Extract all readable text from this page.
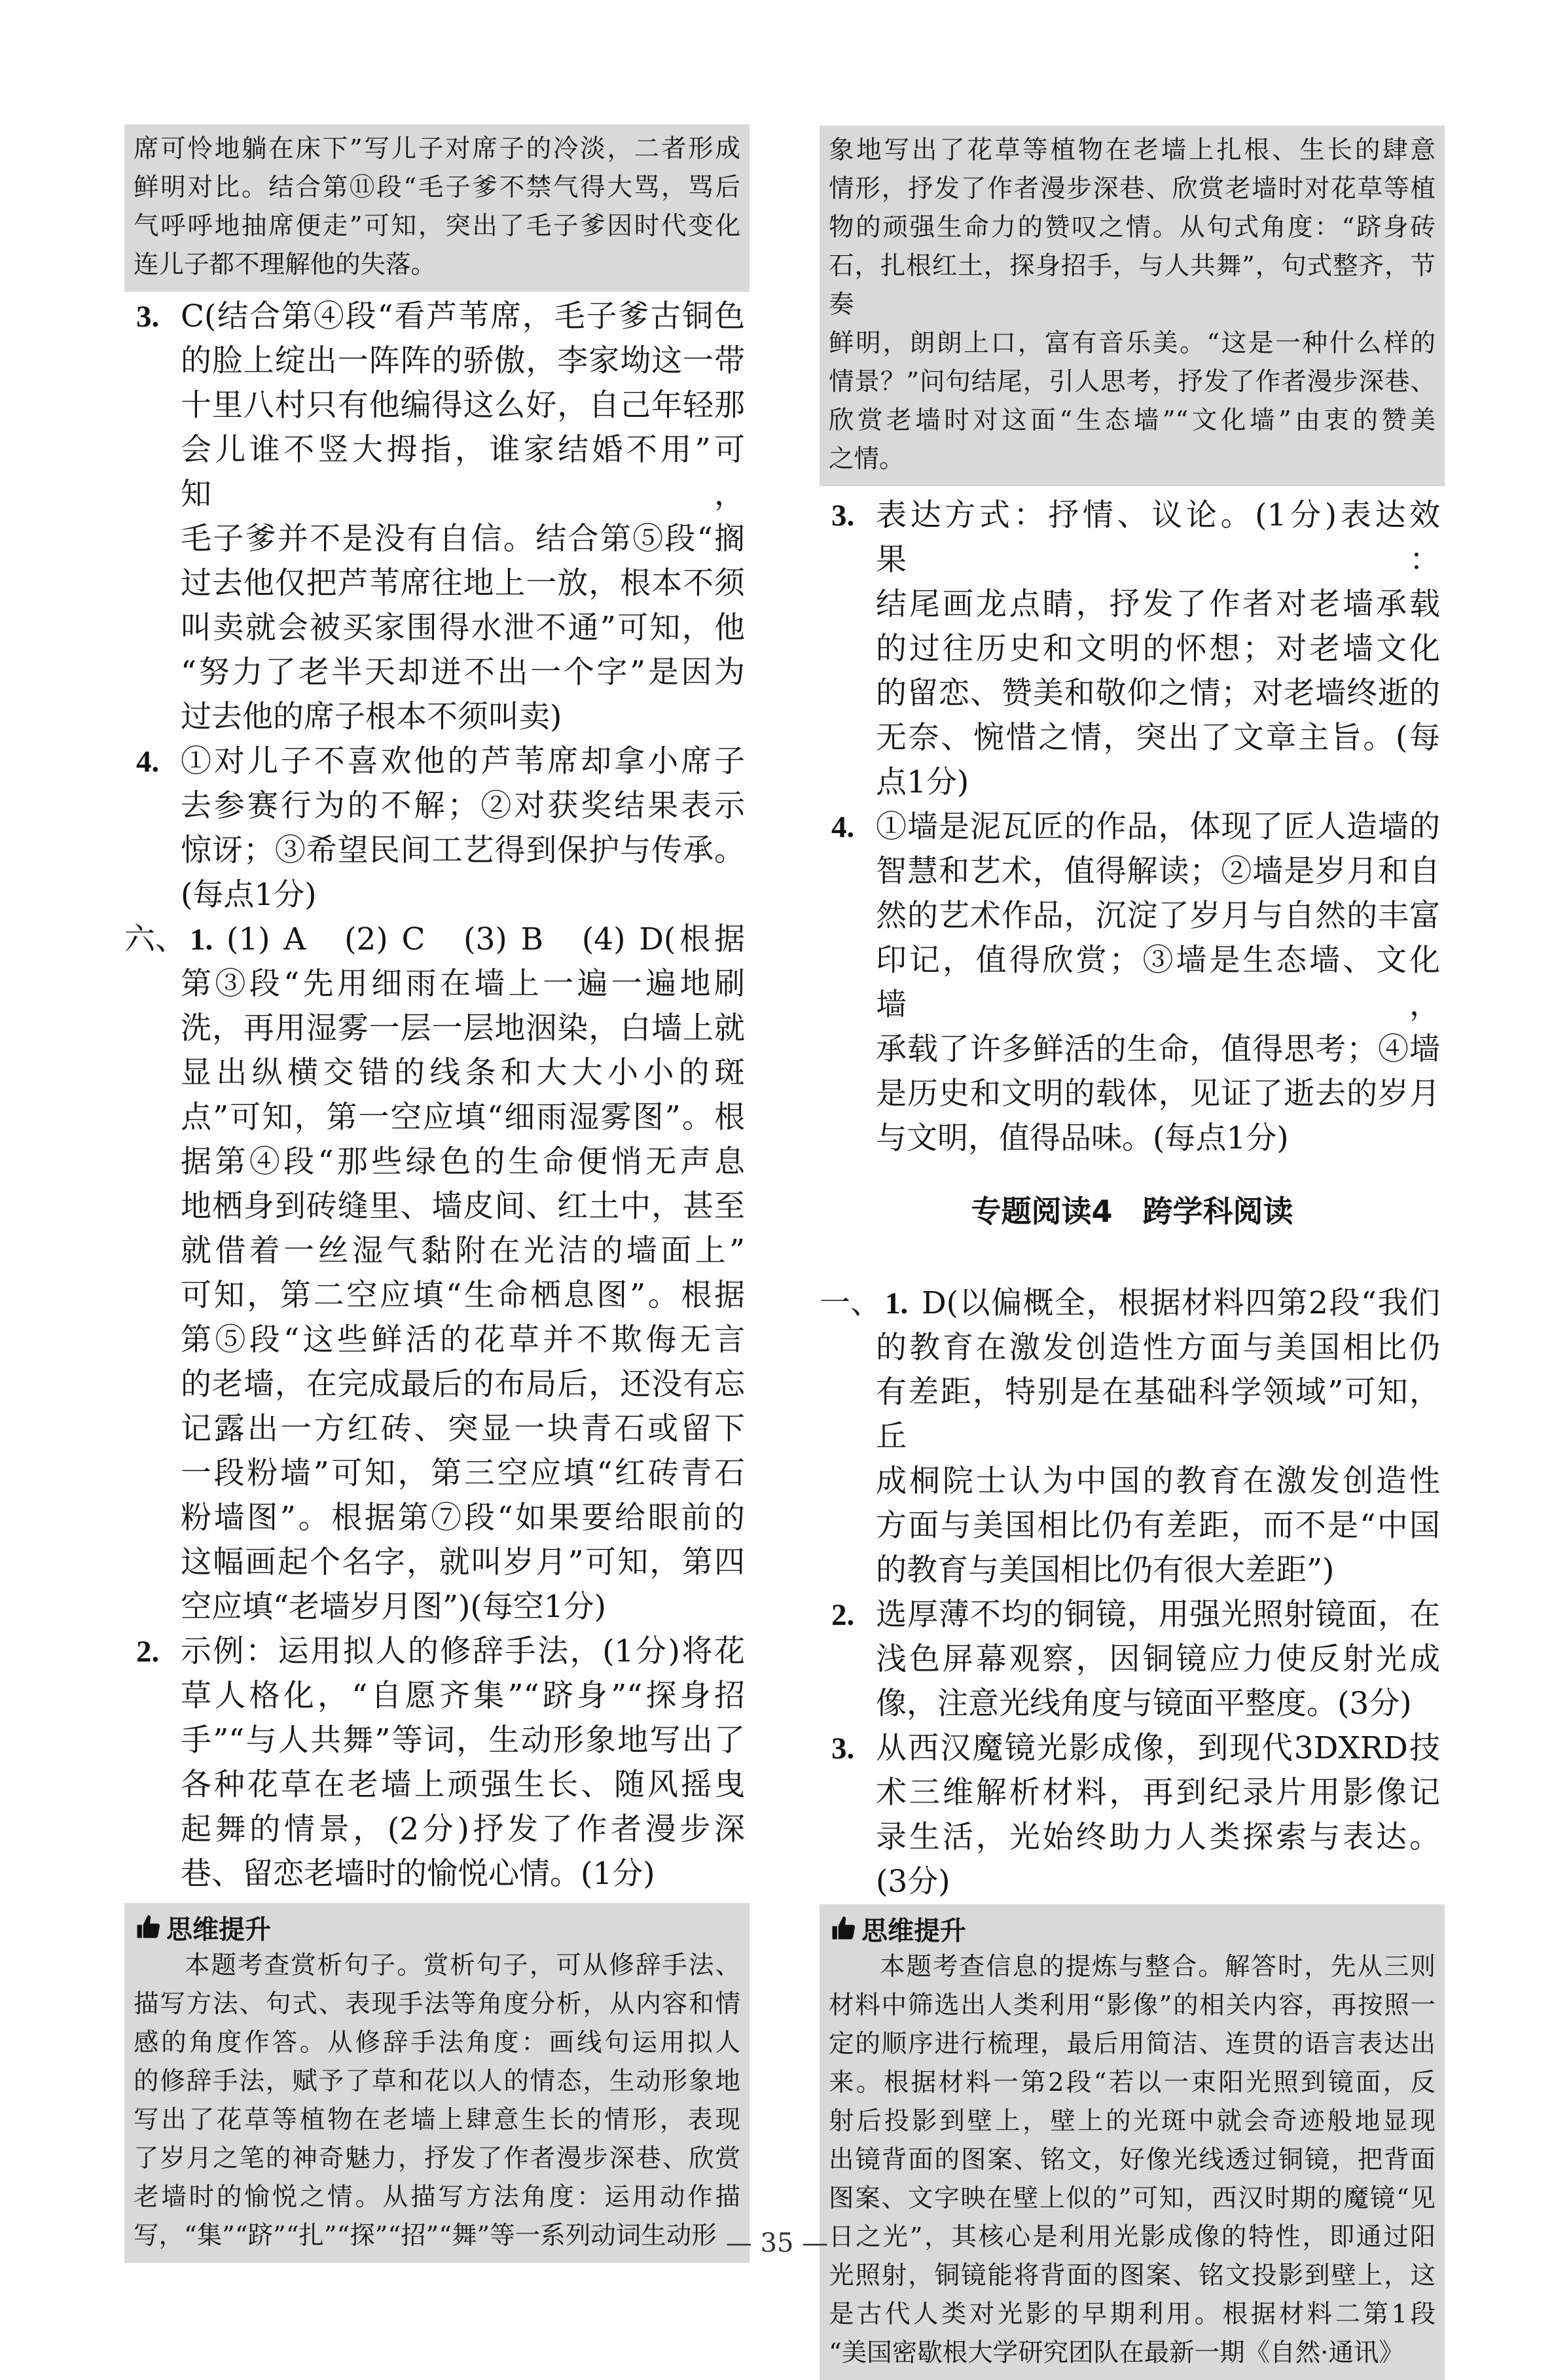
席可怜地躺在床下”写儿子对席子的冷淡，二者形成
鲜明对比。结合第⑪段“毛子爹不禁气得大骂，骂后
气呼呼地抽席便走”可知，突出了毛子爹因时代变化
连儿子都不理解他的失落。
3. C(结合第④段“看芦苇席，毛子爹古铜色
的脸上绽出一阵阵的骄傲，李家坳这一带
十里八村只有他编得这么好，自己年轻那
会儿谁不竖大拇指，谁家结婚不用”可知，
毛子爹并不是没有自信。结合第⑤段“搁
过去他仅把芦苇席往地上一放，根本不须
叫卖就会被买家围得水泄不通”可知，他
“努力了老半天却迸不出一个字”是因为
过去他的席子根本不须叫卖)
4. ①对儿子不喜欢他的芦苇席却拿小席子
去参赛行为的不解；②对获奖结果表示
惊讶；③希望民间工艺得到保护与传承。
(每点1分)
六、 1. (1) A　(2) C　(3) B　(4) D(根据
第③段“先用细雨在墙上一遍一遍地刷
洗，再用湿雾一层一层地洇染，白墙上就
显出纵横交错的线条和大大小小的斑
点”可知，第一空应填“细雨湿雾图”。根
据第④段“那些绿色的生命便悄无声息
地栖身到砖缝里、墙皮间、红土中，甚至
就借着一丝湿气黏附在光洁的墙面上”
可知，第二空应填“生命栖息图”。根据
第⑤段“这些鲜活的花草并不欺侮无言
的老墙，在完成最后的布局后，还没有忘
记露出一方红砖、突显一块青石或留下
一段粉墙”可知，第三空应填“红砖青石
粉墙图”。根据第⑦段“如果要给眼前的
这幅画起个名字，就叫岁月”可知，第四
空应填“老墙岁月图”)(每空1分)
2. 示例：运用拟人的修辞手法，(1分)将花
草人格化，“自愿齐集”“跻身”“探身招
手”“与人共舞”等词，生动形象地写出了
各种花草在老墙上顽强生长、随风摇曳
起舞的情景，(2分)抒发了作者漫步深
巷、留恋老墙时的愉悦心情。(1分)
思维提升
本题考查赏析句子。赏析句子，可从修辞手法、
描写方法、句式、表现手法等角度分析，从内容和情
感的角度作答。从修辞手法角度：画线句运用拟人
的修辞手法，赋予了草和花以人的情态，生动形象地
写出了花草等植物在老墙上肆意生长的情形，表现
了岁月之笔的神奇魅力，抒发了作者漫步深巷、欣赏
老墙时的愉悦之情。从描写方法角度：运用动作描
写，“集”“跻”“扎”“探”“招”“舞”等一系列动词生动形
象地写出了花草等植物在老墙上扎根、生长的肆意
情形，抒发了作者漫步深巷、欣赏老墙时对花草等植
物的顽强生命力的赞叹之情。从句式角度：“跻身砖
石，扎根红土，探身招手，与人共舞”，句式整齐，节奏
鲜明，朗朗上口，富有音乐美。“这是一种什么样的
情景？”问句结尾，引人思考，抒发了作者漫步深巷、
欣赏老墙时对这面“生态墙”“文化墙”由衷的赞美
之情。
3. 表达方式：抒情、议论。(1分)表达效果：
结尾画龙点睛，抒发了作者对老墙承载
的过往历史和文明的怀想；对老墙文化
的留恋、赞美和敬仰之情；对老墙终逝的
无奈、惋惜之情，突出了文章主旨。(每
点1分)
4. ①墙是泥瓦匠的作品，体现了匠人造墙的
智慧和艺术，值得解读；②墙是岁月和自
然的艺术作品，沉淀了岁月与自然的丰富
印记，值得欣赏；③墙是生态墙、文化墙，
承载了许多鲜活的生命，值得思考；④墙
是历史和文明的载体，见证了逝去的岁月
与文明，值得品味。(每点1分)
专题阅读4　跨学科阅读
一、 1. D(以偏概全，根据材料四第2段“我们
的教育在激发创造性方面与美国相比仍
有差距，特别是在基础科学领域”可知，丘
成桐院士认为中国的教育在激发创造性
方面与美国相比仍有差距，而不是“中国
的教育与美国相比仍有很大差距”)
2. 选厚薄不均的铜镜，用强光照射镜面，在
浅色屏幕观察，因铜镜应力使反射光成
像，注意光线角度与镜面平整度。(3分)
3. 从西汉魔镜光影成像，到现代3DXRD技
术三维解析材料，再到纪录片用影像记
录生活，光始终助力人类探索与表达。
(3分)
思维提升
本题考查信息的提炼与整合。解答时，先从三则
材料中筛选出人类利用“影像”的相关内容，再按照一
定的顺序进行梳理，最后用简洁、连贯的语言表达出
来。根据材料一第2段“若以一束阳光照到镜面，反
射后投影到壁上，壁上的光斑中就会奇迹般地显现
出镜背面的图案、铭文，好像光线透过铜镜，把背面
图案、文字映在壁上似的”可知，西汉时期的魔镜“见
日之光”，其核心是利用光影成像的特性，即通过阳
光照射，铜镜能将背面的图案、铭文投影到壁上，这
是古代人类对光影的早期利用。根据材料二第1段
“美国密歇根大学研究团队在最新一期《自然·通讯》
— 35 —
